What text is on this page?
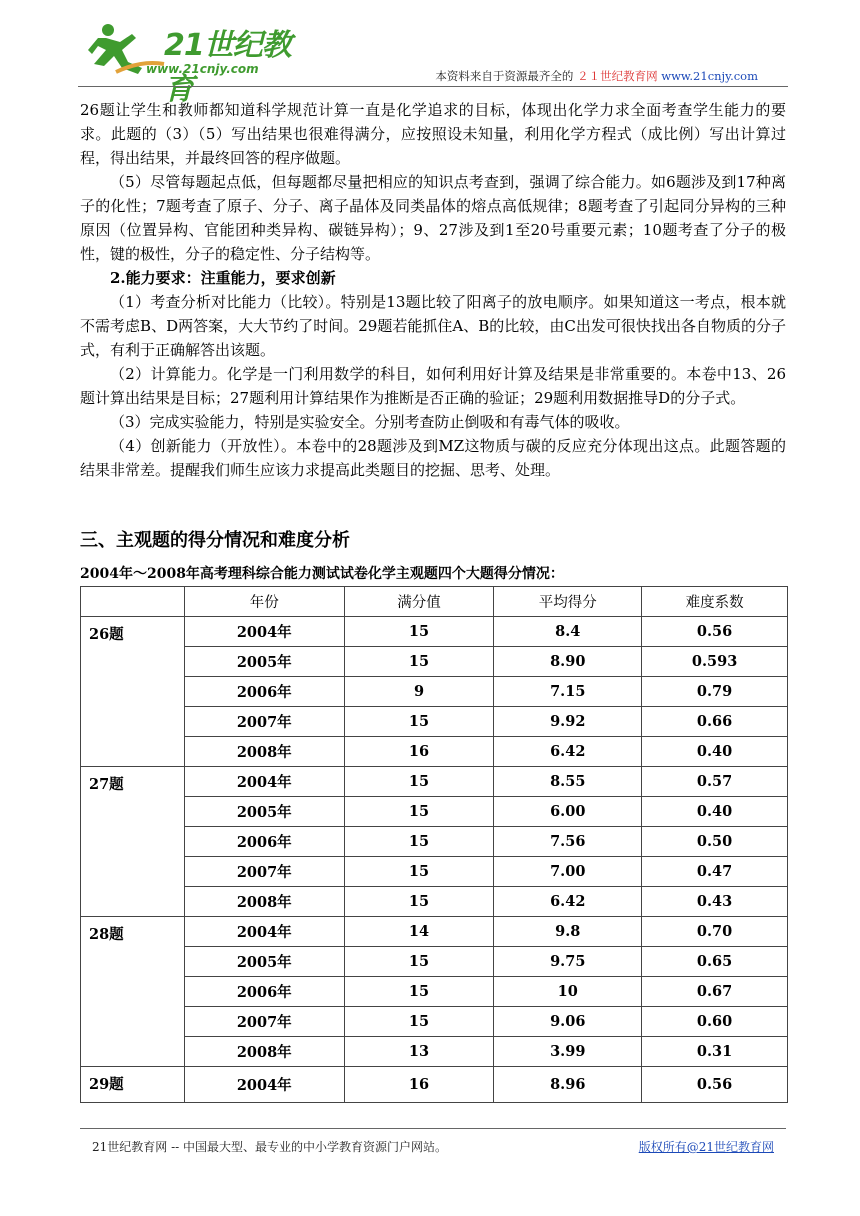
21世纪教育
www.21cnjy.com	本资料来自于资源最齐全的 ２１世纪教育网 www.21cnjy.com

26题让学生和教师都知道科学规范计算一直是化学追求的目标，体现出化学力求全面考查学生能力的要求。此题的（3）（5）写出结果也很难得满分，应按照设未知量，利用化学方程式（成比例）写出计算过程，得出结果，并最终回答的程序做题。

（5）尽管每题起点低，但每题都尽量把相应的知识点考查到，强调了综合能力。如6题涉及到17种离子的化性；7题考查了原子、分子、离子晶体及同类晶体的熔点高低规律；8题考查了引起同分异构的三种原因（位置异构、官能团种类异构、碳链异构）；9、27涉及到1至20号重要元素；10题考查了分子的极性，键的极性，分子的稳定性、分子结构等。

2.能力要求：注重能力，要求创新

（1）考查分析对比能力（比较）。特别是13题比较了阳离子的放电顺序。如果知道这一考点，根本就不需考虑B、D两答案，大大节约了时间。29题若能抓住A、B的比较，由C出发可很快找出各自物质的分子式，有利于正确解答出该题。

（2）计算能力。化学是一门利用数学的科目，如何利用好计算及结果是非常重要的。本卷中13、26题计算出结果是目标；27题利用计算结果作为推断是否正确的验证；29题利用数据推导D的分子式。

（3）完成实验能力，特别是实验安全。分别考查防止倒吸和有毒气体的吸收。

（4）创新能力（开放性）。本卷中的28题涉及到MZ这物质与碳的反应充分体现出这点。此题答题的结果非常差。提醒我们师生应该力求提高此类题目的挖掘、思考、处理。

三、主观题的得分情况和难度分析
2004年～2008年高考理科综合能力测试试卷化学主观题四个大题得分情况：
	年份	满分值	平均得分	难度系数
26题	2004年	15	8.4	0.56
	2005年	15	8.90	0.593
	2006年	9	7.15	0.79
	2007年	15	9.92	0.66
	2008年	16	6.42	0.40
27题	2004年	15	8.55	0.57
	2005年	15	6.00	0.40
	2006年	15	7.56	0.50
	2007年	15	7.00	0.47
	2008年	15	6.42	0.43
28题	2004年	14	9.8	0.70
	2005年	15	9.75	0.65
	2006年	15	10	0.67
	2007年	15	9.06	0.60
	2008年	13	3.99	0.31
29题	2004年	16	8.96	0.56
21世纪教育网 -- 中国最大型、最专业的中小学教育资源门户网站。	版权所有@21世纪教育网
